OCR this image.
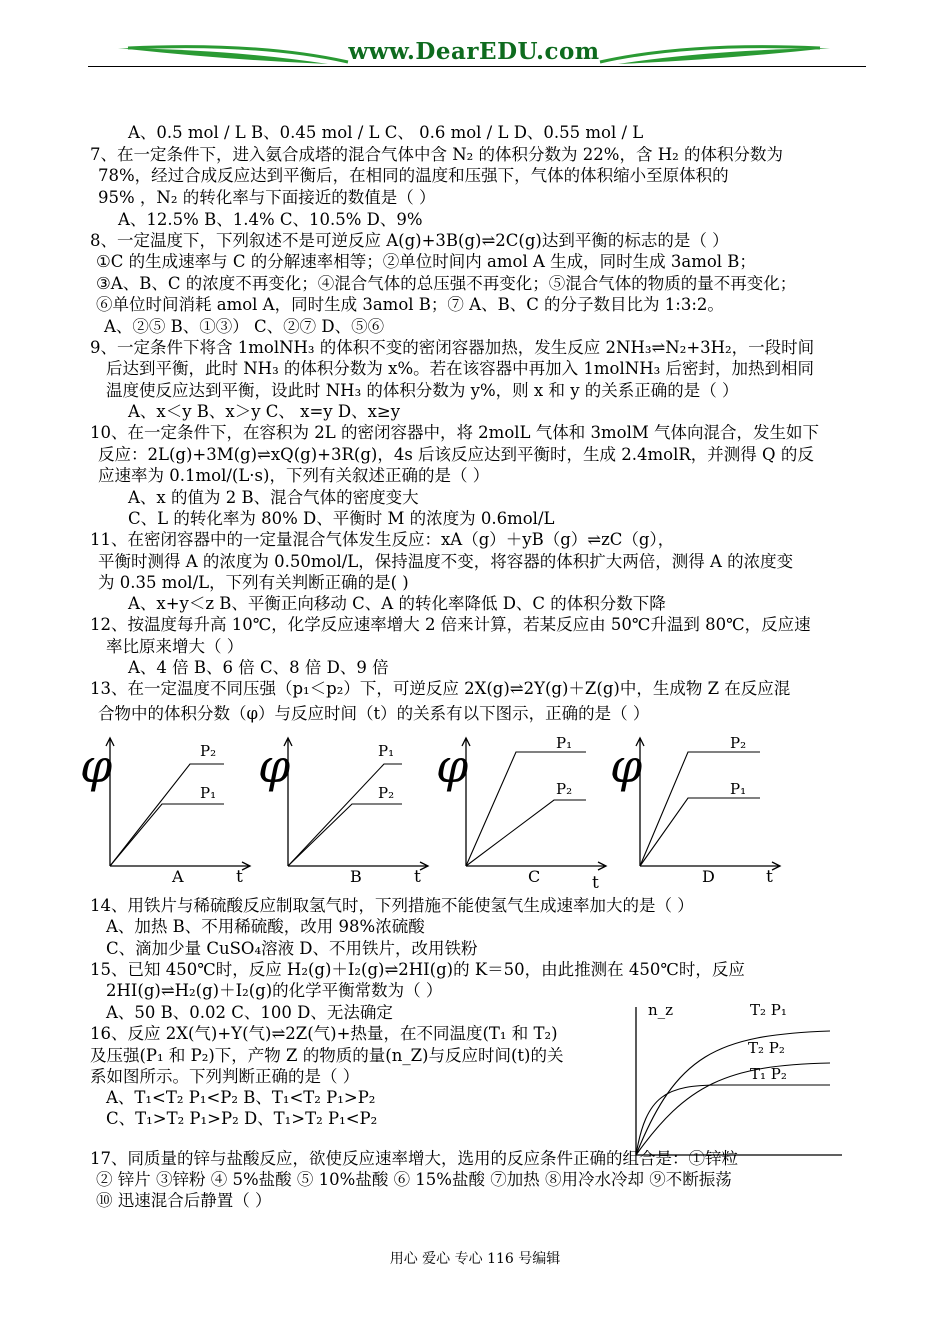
www.DearEDU.com
A、0.5 mol / L B、0.45 mol / L C、 0.6 mol / L D、0.55 mol / L
7、在一定条件下，进入氨合成塔的混合气体中含 N₂ 的体积分数为 22%，含 H₂ 的体积分数为
78%，经过合成反应达到平衡后，在相同的温度和压强下，气体的体积缩小至原体积的
95% ，N₂ 的转化率与下面接近的数值是（ ）
A、12.5% B、1.4% C、10.5% D、9%
8、一定温度下，下列叙述不是可逆反应 A(g)+3B(g)⇌2C(g)达到平衡的标志的是（ ）
①C 的生成速率与 C 的分解速率相等；②单位时间内 amol A 生成，同时生成 3amol B；
③A、B、C 的浓度不再变化；④混合气体的总压强不再变化；⑤混合气体的物质的量不再变化；
⑥单位时间消耗 amol A，同时生成 3amol B；⑦ A、B、C 的分子数目比为 1:3:2。
A、②⑤ B、①③） C、②⑦ D、⑤⑥
9、一定条件下将含 1molNH₃ 的体积不变的密闭容器加热，发生反应 2NH₃⇌N₂+3H₂，一段时间
后达到平衡，此时 NH₃ 的体积分数为 x%。若在该容器中再加入 1molNH₃ 后密封，加热到相同
温度使反应达到平衡，设此时 NH₃ 的体积分数为 y%，则 x 和 y 的关系正确的是（ ）
A、x＜y B、x＞y C、 x=y D、x≥y
10、在一定条件下，在容积为 2L 的密闭容器中，将 2molL 气体和 3molM 气体向混合，发生如下
反应：2L(g)+3M(g)⇌xQ(g)+3R(g)，4s 后该反应达到平衡时，生成 2.4molR，并测得 Q 的反
应速率为 0.1mol/(L·s)，下列有关叙述正确的是（ ）
A、x 的值为 2 B、混合气体的密度变大
C、L 的转化率为 80% D、平衡时 M 的浓度为 0.6mol/L
11、在密闭容器中的一定量混合气体发生反应：xA（g）＋yB（g）⇌zC（g），
平衡时测得 A 的浓度为 0.50mol/L，保持温度不变，将容器的体积扩大两倍，测得 A 的浓度变
为 0.35 mol/L，下列有关判断正确的是( )
A、x+y＜z B、平衡正向移动 C、A 的转化率降低 D、C 的体积分数下降
12、按温度每升高 10℃，化学反应速率增大 2 倍来计算，若某反应由 50℃升温到 80℃，反应速
率比原来增大（ ）
A、4 倍 B、6 倍 C、8 倍 D、9 倍
13、在一定温度不同压强（p₁＜p₂）下，可逆反应 2X(g)⇌2Y(g)＋Z(g)中，生成物 Z 在反应混
合物中的体积分数（φ）与反应时间（t）的关系有以下图示，正确的是（ ）
14、用铁片与稀硫酸反应制取氢气时，下列措施不能使氢气生成速率加大的是（ ）
A、加热 B、不用稀硫酸，改用 98%浓硫酸
C、滴加少量 CuSO₄溶液 D、不用铁片，改用铁粉
15、已知 450℃时，反应 H₂(g)＋I₂(g)⇌2HI(g)的 K＝50，由此推测在 450℃时，反应
2HI(g)⇌H₂(g)＋I₂(g)的化学平衡常数为（ ）
A、50 B、0.02 C、100 D、无法确定
16、反应 2X(气)+Y(气)⇌2Z(气)+热量，在不同温度(T₁ 和 T₂)
及压强(P₁ 和 P₂)下，产物 Z 的物质的量(n_Z)与反应时间(t)的关
系如图所示。下列判断正确的是（ ）
A、T₁<T₂ P₁<P₂ B、T₁<T₂ P₁>P₂
C、T₁>T₂ P₁>P₂ D、T₁>T₂ P₁<P₂
17、同质量的锌与盐酸反应，欲使反应速率增大，选用的反应条件正确的组合是：①锌粒
② 锌片 ③锌粉 ④ 5%盐酸 ⑤ 10%盐酸 ⑥ 15%盐酸 ⑦加热 ⑧用冷水冷却 ⑨不断振荡
⑩ 迅速混合后静置（ ）
φ
t
A
P₂
P₁ φ
t
B
P₁
P₂ φ
t
C
P₁
P₂ φ
t
D
P₂
P₁
n_z	T₂ P₁
T₂ P₂
T₁ P₂
用心 爱心 专心 116 号编辑
